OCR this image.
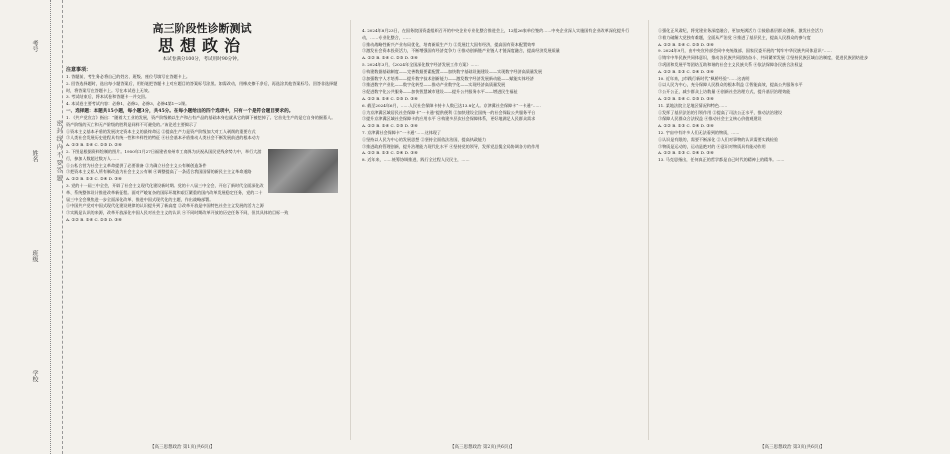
考号
姓名
班级
学校
密 封 线 内 不 要 答 题
高三阶段性诊断测试
思想政治
本试卷满分100分，考试用时90分钟。
注意事项：

1. 答题前，考生务必将自己的姓名、班级、座位号填写在答题卡上。

2. 回答选择题时，选出每小题答案后，用铅笔把答题卡上对应题目的答案标号涂黑。如需改动，用橡皮擦干净后，再选涂其他答案标号。回答非选择题时，将答案写在答题卡上。写在本试卷上无效。

3. 考试结束后，将本试卷和答题卡一并交回。

4. 本试卷主要考试内容：必修1、必修2、必修3、必修4第1～2课。

一、选择题：本题共15小题，每小题3分，共45分。在每小题给出的四个选项中，只有一个是符合题目要求的。

1. 《共产党宣言》指出：“随着大工业的发展，资产阶级赖以生产和占有产品的基础本身也就从它的脚下被挖掉了。它首先生产的是它自身的掘墓人。资产阶级的灭亡和无产阶级的胜利是同样不可避免的。”该论述主要揭示了

①资本主义基本矛盾的发展决定资本主义的最终命运 ②提高生产力是资产阶级加大对工人剥削的重要方式

③人类社会发展历史进程具有统一性和多样性的特征 ④社会基本矛盾推动人类社会不断发展前进的根本动力

A. ①③ B. ①④ C. ②③ D. ②④

2. 下图是根据资料绘制的图片。1950年1月27日福建省泉州市工商界为庆祝从国民党残余势力中，举行大游行，参加人数超过数万人……

①公私合营为社会主义革命提供了必要准备 ②为确立社会主义公有制创造条件

③把资本主义私人所有制改造为社会主义公有制 ④调整提高了一条适合我国国情的新民主主义革命道路

A. ①② B. ①③ C. ②④ D. ③④

3. 党的十一届三中全会，开辟了社会主义现代化建设新时期。党的十八届三中全会，开启了新时代全面深化改革、系统整体设计推进改革新征程。面对严峻复杂的国际环境和艰巨繁重的国内改革发展稳定任务，党的二十届三中全会聚焦进一步全面深化改革、推进中国式现代化的主题，作出战略部署。

①中国共产党对中国式现代化建设规律的认识提升到了新高度 ②改革开放是中国特色社会主义发展的活力之源

③实践是认识的来源，改革开放深化中国人民对社会主义的认识 ④不同时期改革开放的历史任务不同，但其具体的目标一致

A. ①② B. ①④ C. ②③ D. ③④

4. 2024年8月23日，在国务院国资委组织召开的中央企业专业化整合推进会上，12组26家单位签约……中央企业深入实施国有企业改革深化提升行动，……专业化整合，……

①推动战略性新兴产业布局优化，培育新质生产力 ②发展壮大国有经济，提高国有资本配置效率

③激发社会资本投资活力，不断增强国有经济竞争力 ④推动创新链产业链人才链深度融合，提高经济发展质量

A. ①② B. ①④ C. ②③ D. ③④

5. 2024年3月，《2024年全国深化数字经济发展工作方案》……

①构建数据基础制度——完善数据要素配置——加快数字基础设施建设——实现数字经济高质量发展

②加强数字人才培养——提升数字技术创新能力——激发数字经济发展新动能——赋能实体经济

③推进数字产业化——数字化转型——推动产业数字化——实现经济高质量发展

④促进数字化公共服务——加快智慧城市建设——提升公共服务水平——增进民生福祉

A. ①② B. ①④ C. ②③ D. ③④

6. 截至2024年6月，……人民社会保障卡持卡人数已达13.8亿人。京津冀社会保障卡“一卡通”……

①为京津冀区域居民社会保障卡“一卡通”提供便利 ②加快建设全国统一的社会保险公共服务平台

③提升京津冀区域社会保障卡的应用水平 ④构建多层次社会保障体系，更好地满足人民群众需求

A. ①② B. ①④ C. ②③ D. ③④

7. 京津冀社会保障卡“一卡通”……这体现了

①坚持以人民为中心的发展思想 ②坚持全面依法治国，提高执政能力

③推进政府管理创新，提升治理能力现代化水平 ④坚持党的领导，发挥党总揽全局协调各方的作用

A. ①② B. ①③ C. ②④ D. ③④

8. 近年来，……统筹协调推进，践行全过程人民民主，……

①强化正风肃纪，将党建业务深度融合，更加充满活力 ②鼓励基层群众创新，激发社会活力

③着力破解大党独有难题，全面从严治党 ④推进了基层民主，提高人民群众的参与度

A. ①② B. ①④ C. ②③ D. ③④

9. 2024年9月，由中央宣传部会同中央统战部、国家民委开展的“铸牢中华民族共同体意识”……

①铸牢中华民族共同体意识，推动各民族共同团结奋斗、共同繁荣发展 ②坚持民族区域自治制度，促进民族团结进步

③巩固和发展平等团结互助和谐的社会主义民族关系 ④依法保障各民族合法权益

A. ①② B. ①③ C. ②④ D. ③④

10. 近年来，J市践行新时代“枫桥经验”……这表明

①以人民为中心，充分保障人民群众的根本利益 ②智能高效，提高公共服务水平

③公开公正，减少群众上访数量 ④创新社会治理方式，提升基层治理效能

A. ①② B. ①④ C. ②③ D. ③④

11. 某地法院立足地区情况和特色……

①发挥了基层法治的引领作用 ②提高了司法公正水平，推动法治建设

③保障人民群众合法权益 ④推动社会主义核心价值观建设

A. ①② B. ①③ C. ②④ D. ③④

12. 宇宙中有许多人们无法看到的物质，……

①认识是有限的，需要不断深化 ②人们对事物的认识需要实践检验

③物质是运动的，运动是绝对的 ④意识对物质具有能动作用

A. ①② B. ①③ C. ②④ D. ③④

13. 马克思指出，任何真正的哲学都是自己时代的精神上的精华。……

【高三思想政治 第1页(共6页)】	【高三思想政治 第2页(共6页)】	【高三思想政治 第3页(共6页)】
